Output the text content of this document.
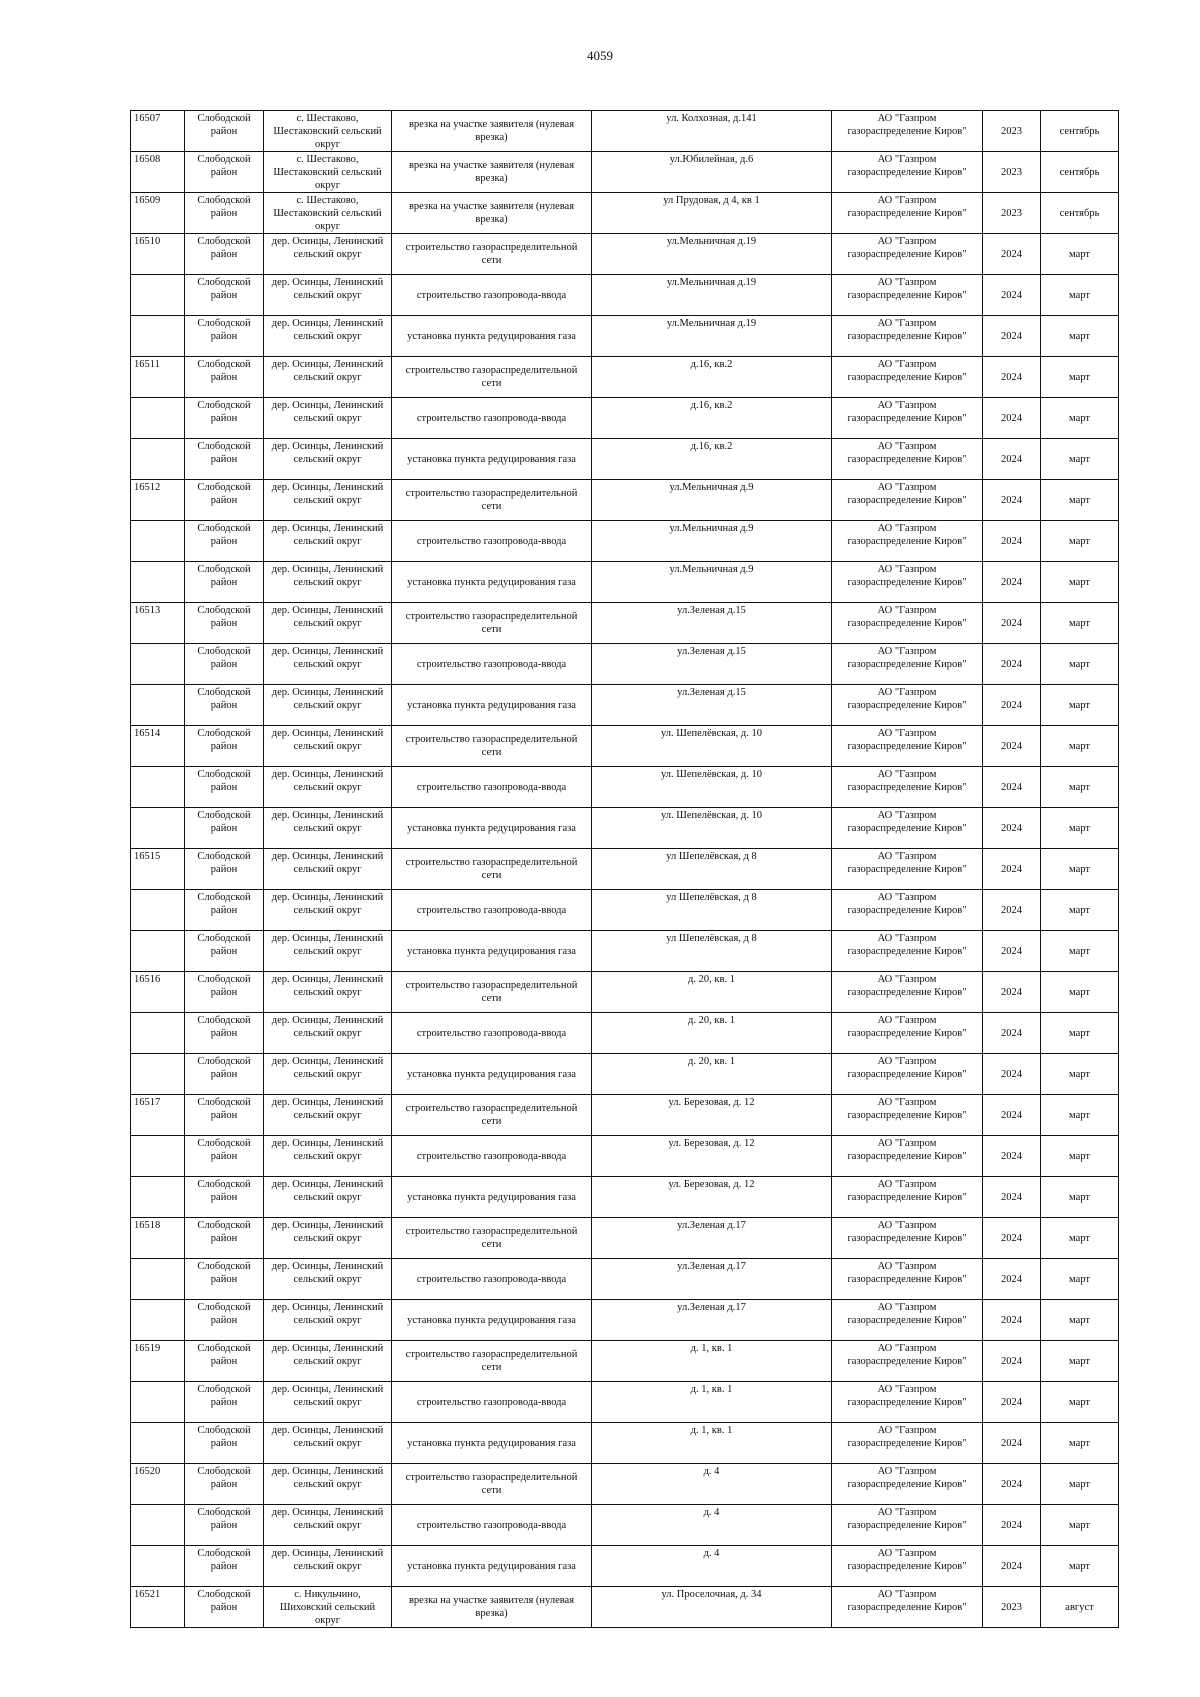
4059
16507	Слободской район	с. Шестаково, Шестаковский сельский округ	врезка на участке заявителя (нулевая врезка)	ул. Колхозная, д.141	АО "Газпром газораспределение Киров"	2023	сентябрь
16508	Слободской район	с. Шестаково, Шестаковский сельский округ	врезка на участке заявителя (нулевая врезка)	ул.Юбилейная, д.6	АО "Газпром газораспределение Киров"	2023	сентябрь
16509	Слободской район	с. Шестаково, Шестаковский сельский округ	врезка на участке заявителя (нулевая врезка)	ул Прудовая, д 4, кв 1	АО "Газпром газораспределение Киров"	2023	сентябрь
16510	Слободской район	дер. Осинцы, Ленинский сельский округ	строительство газораспределительной сети	ул.Мельничная д.19	АО "Газпром газораспределение Киров"	2024	март
	Слободской район	дер. Осинцы, Ленинский сельский округ	строительство газопровода-ввода	ул.Мельничная д.19	АО "Газпром газораспределение Киров"	2024	март
	Слободской район	дер. Осинцы, Ленинский сельский округ	установка пункта редуцирования газа	ул.Мельничная д.19	АО "Газпром газораспределение Киров"	2024	март
16511	Слободской район	дер. Осинцы, Ленинский сельский округ	строительство газораспределительной сети	д.16, кв.2	АО "Газпром газораспределение Киров"	2024	март
	Слободской район	дер. Осинцы, Ленинский сельский округ	строительство газопровода-ввода	д.16, кв.2	АО "Газпром газораспределение Киров"	2024	март
	Слободской район	дер. Осинцы, Ленинский сельский округ	установка пункта редуцирования газа	д.16, кв.2	АО "Газпром газораспределение Киров"	2024	март
16512	Слободской район	дер. Осинцы, Ленинский сельский округ	строительство газораспределительной сети	ул.Мельничная д.9	АО "Газпром газораспределение Киров"	2024	март
	Слободской район	дер. Осинцы, Ленинский сельский округ	строительство газопровода-ввода	ул.Мельничная д.9	АО "Газпром газораспределение Киров"	2024	март
	Слободской район	дер. Осинцы, Ленинский сельский округ	установка пункта редуцирования газа	ул.Мельничная д.9	АО "Газпром газораспределение Киров"	2024	март
16513	Слободской район	дер. Осинцы, Ленинский сельский округ	строительство газораспределительной сети	ул.Зеленая д.15	АО "Газпром газораспределение Киров"	2024	март
	Слободской район	дер. Осинцы, Ленинский сельский округ	строительство газопровода-ввода	ул.Зеленая д.15	АО "Газпром газораспределение Киров"	2024	март
	Слободской район	дер. Осинцы, Ленинский сельский округ	установка пункта редуцирования газа	ул.Зеленая д.15	АО "Газпром газораспределение Киров"	2024	март
16514	Слободской район	дер. Осинцы, Ленинский сельский округ	строительство газораспределительной сети	ул. Шепелёвская, д. 10	АО "Газпром газораспределение Киров"	2024	март
	Слободской район	дер. Осинцы, Ленинский сельский округ	строительство газопровода-ввода	ул. Шепелёвская, д. 10	АО "Газпром газораспределение Киров"	2024	март
	Слободской район	дер. Осинцы, Ленинский сельский округ	установка пункта редуцирования газа	ул. Шепелёвская, д. 10	АО "Газпром газораспределение Киров"	2024	март
16515	Слободской район	дер. Осинцы, Ленинский сельский округ	строительство газораспределительной сети	ул Шепелёвская, д 8	АО "Газпром газораспределение Киров"	2024	март
	Слободской район	дер. Осинцы, Ленинский сельский округ	строительство газопровода-ввода	ул Шепелёвская, д 8	АО "Газпром газораспределение Киров"	2024	март
	Слободской район	дер. Осинцы, Ленинский сельский округ	установка пункта редуцирования газа	ул Шепелёвская, д 8	АО "Газпром газораспределение Киров"	2024	март
16516	Слободской район	дер. Осинцы, Ленинский сельский округ	строительство газораспределительной сети	д. 20, кв. 1	АО "Газпром газораспределение Киров"	2024	март
	Слободской район	дер. Осинцы, Ленинский сельский округ	строительство газопровода-ввода	д. 20, кв. 1	АО "Газпром газораспределение Киров"	2024	март
	Слободской район	дер. Осинцы, Ленинский сельский округ	установка пункта редуцирования газа	д. 20, кв. 1	АО "Газпром газораспределение Киров"	2024	март
16517	Слободской район	дер. Осинцы, Ленинский сельский округ	строительство газораспределительной сети	ул. Березовая, д. 12	АО "Газпром газораспределение Киров"	2024	март
	Слободской район	дер. Осинцы, Ленинский сельский округ	строительство газопровода-ввода	ул. Березовая, д. 12	АО "Газпром газораспределение Киров"	2024	март
	Слободской район	дер. Осинцы, Ленинский сельский округ	установка пункта редуцирования газа	ул. Березовая, д. 12	АО "Газпром газораспределение Киров"	2024	март
16518	Слободской район	дер. Осинцы, Ленинский сельский округ	строительство газораспределительной сети	ул.Зеленая д.17	АО "Газпром газораспределение Киров"	2024	март
	Слободской район	дер. Осинцы, Ленинский сельский округ	строительство газопровода-ввода	ул.Зеленая д.17	АО "Газпром газораспределение Киров"	2024	март
	Слободской район	дер. Осинцы, Ленинский сельский округ	установка пункта редуцирования газа	ул.Зеленая д.17	АО "Газпром газораспределение Киров"	2024	март
16519	Слободской район	дер. Осинцы, Ленинский сельский округ	строительство газораспределительной сети	д. 1, кв. 1	АО "Газпром газораспределение Киров"	2024	март
	Слободской район	дер. Осинцы, Ленинский сельский округ	строительство газопровода-ввода	д. 1, кв. 1	АО "Газпром газораспределение Киров"	2024	март
	Слободской район	дер. Осинцы, Ленинский сельский округ	установка пункта редуцирования газа	д. 1, кв. 1	АО "Газпром газораспределение Киров"	2024	март
16520	Слободской район	дер. Осинцы, Ленинский сельский округ	строительство газораспределительной сети	д. 4	АО "Газпром газораспределение Киров"	2024	март
	Слободской район	дер. Осинцы, Ленинский сельский округ	строительство газопровода-ввода	д. 4	АО "Газпром газораспределение Киров"	2024	март
	Слободской район	дер. Осинцы, Ленинский сельский округ	установка пункта редуцирования газа	д. 4	АО "Газпром газораспределение Киров"	2024	март
16521	Слободской район	с. Никульчино, Шиховский сельский округ	врезка на участке заявителя (нулевая врезка)	ул. Проселочная, д. 34	АО "Газпром газораспределение Киров"	2023	август
